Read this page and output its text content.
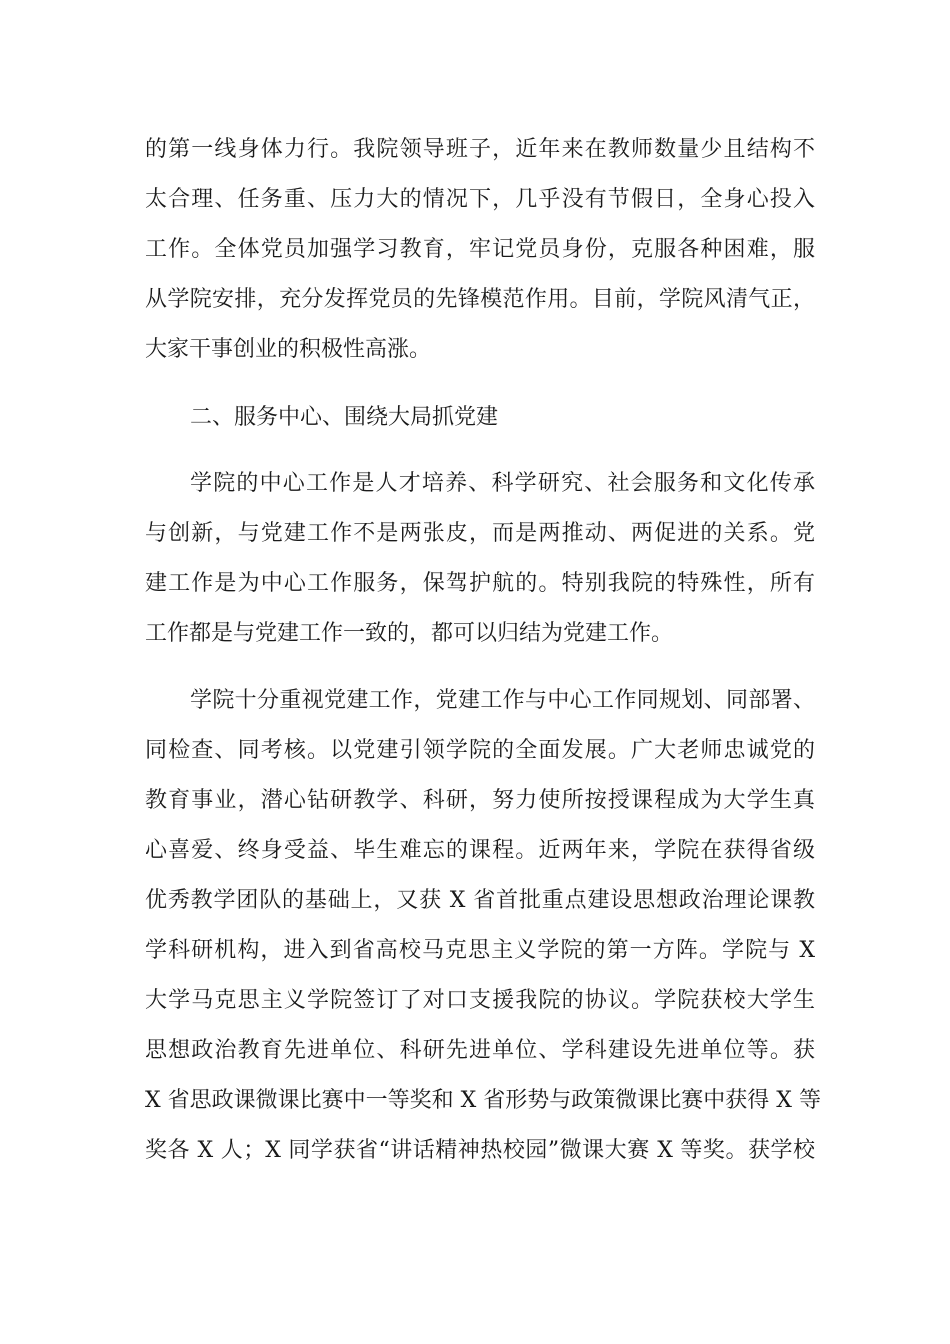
的第一线身体力行。我院领导班子，近年来在教师数量少且结构不
太合理、任务重、压力大的情况下，几乎没有节假日，全身心投入
工作。全体党员加强学习教育，牢记党员身份，克服各种困难，服
从学院安排，充分发挥党员的先锋模范作用。目前，学院风清气正，
大家干事创业的积极性高涨。
二、服务中心、围绕大局抓党建
学院的中心工作是人才培养、科学研究、社会服务和文化传承
与创新，与党建工作不是两张皮，而是两推动、两促进的关系。党
建工作是为中心工作服务，保驾护航的。特别我院的特殊性，所有
工作都是与党建工作一致的，都可以归结为党建工作。
学院十分重视党建工作，党建工作与中心工作同规划、同部署、
同检查、同考核。以党建引领学院的全面发展。广大老师忠诚党的
教育事业，潜心钻研教学、科研，努力使所按授课程成为大学生真
心喜爱、终身受益、毕生难忘的课程。近两年来，学院在获得省级
优秀教学团队的基础上，又获 X 省首批重点建设思想政治理论课教
学科研机构，进入到省高校马克思主义学院的第一方阵。学院与 X
大学马克思主义学院签订了对口支援我院的协议。学院获校大学生
思想政治教育先进单位、科研先进单位、学科建设先进单位等。获
X 省思政课微课比赛中一等奖和 X 省形势与政策微课比赛中获得 X 等
奖各 X 人；X 同学获省“讲话精神热校园”微课大赛 X 等奖。获学校
